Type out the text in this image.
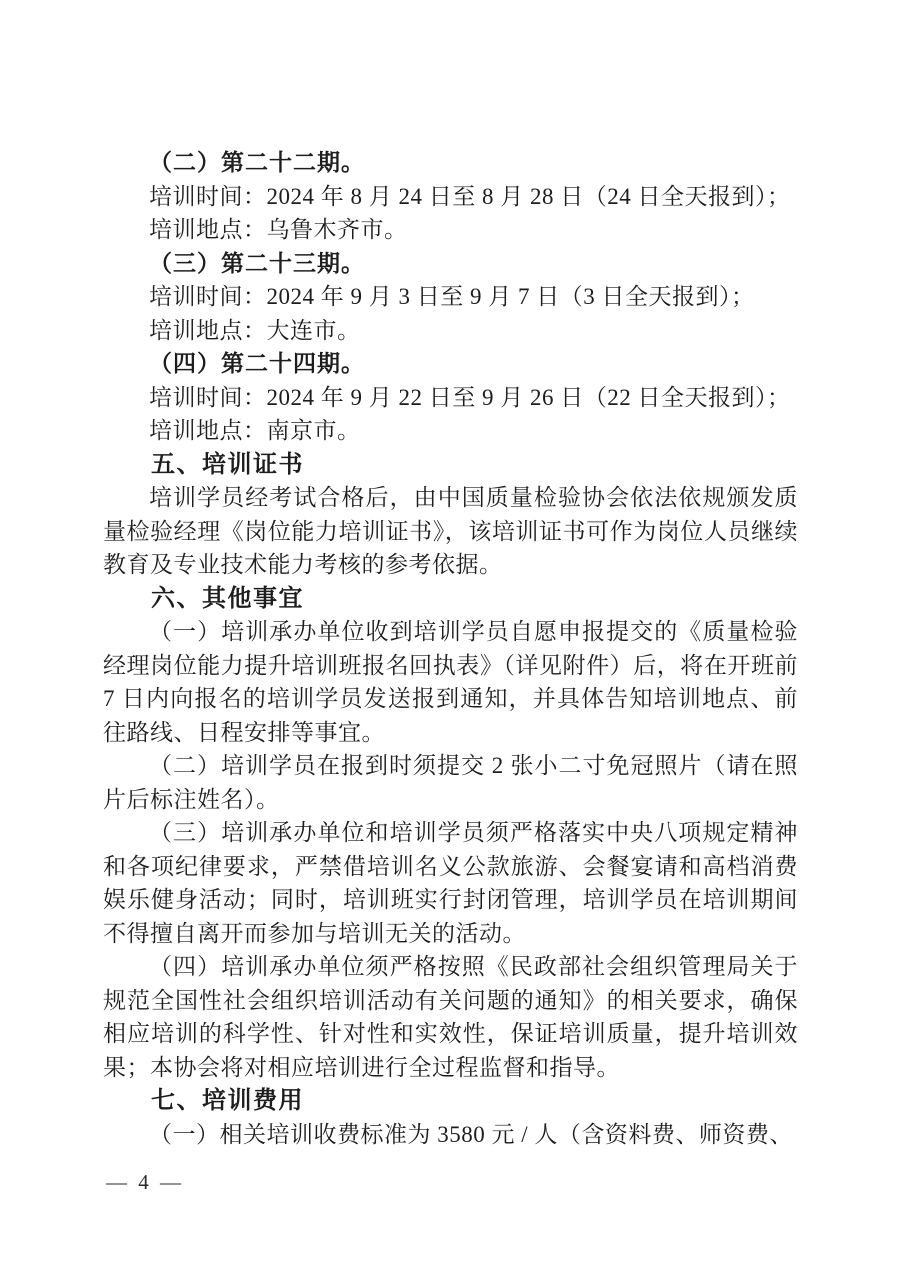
（二）第二十二期。

培训时间：2024 年 8 月 24 日至 8 月 28 日（24 日全天报到）；

培训地点：乌鲁木齐市。

（三）第二十三期。

培训时间：2024 年 9 月 3 日至 9 月 7 日（3 日全天报到）；

培训地点：大连市。

（四）第二十四期。

培训时间：2024 年 9 月 22 日至 9 月 26 日（22 日全天报到）；

培训地点：南京市。

五、培训证书

培训学员经考试合格后，由中国质量检验协会依法依规颁发质量检验经理《岗位能力培训证书》，该培训证书可作为岗位人员继续教育及专业技术能力考核的参考依据。

六、其他事宜

（一）培训承办单位收到培训学员自愿申报提交的《质量检验经理岗位能力提升培训班报名回执表》（详见附件）后，将在开班前 7 日内向报名的培训学员发送报到通知，并具体告知培训地点、前往路线、日程安排等事宜。

（二）培训学员在报到时须提交 2 张小二寸免冠照片（请在照片后标注姓名）。

（三）培训承办单位和培训学员须严格落实中央八项规定精神和各项纪律要求，严禁借培训名义公款旅游、会餐宴请和高档消费娱乐健身活动；同时，培训班实行封闭管理，培训学员在培训期间不得擅自离开而参加与培训无关的活动。

（四）培训承办单位须严格按照《民政部社会组织管理局关于规范全国性社会组织培训活动有关问题的通知》的相关要求，确保相应培训的科学性、针对性和实效性，保证培训质量，提升培训效果；本协会将对相应培训进行全过程监督和指导。

七、培训费用

（一）相关培训收费标准为 3580 元 / 人（含资料费、师资费、

— 4 —
